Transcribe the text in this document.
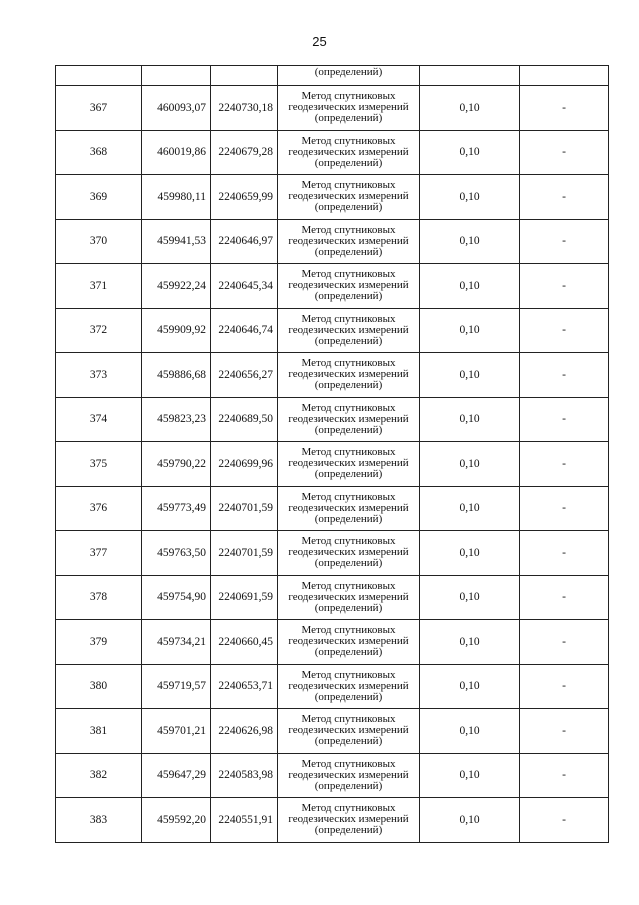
25
			(определений)		
367	460093,07	2240730,18	Метод спутниковых
геодезических измерений
(определений)	0,10	-
368	460019,86	2240679,28	Метод спутниковых
геодезических измерений
(определений)	0,10	-
369	459980,11	2240659,99	Метод спутниковых
геодезических измерений
(определений)	0,10	-
370	459941,53	2240646,97	Метод спутниковых
геодезических измерений
(определений)	0,10	-
371	459922,24	2240645,34	Метод спутниковых
геодезических измерений
(определений)	0,10	-
372	459909,92	2240646,74	Метод спутниковых
геодезических измерений
(определений)	0,10	-
373	459886,68	2240656,27	Метод спутниковых
геодезических измерений
(определений)	0,10	-
374	459823,23	2240689,50	Метод спутниковых
геодезических измерений
(определений)	0,10	-
375	459790,22	2240699,96	Метод спутниковых
геодезических измерений
(определений)	0,10	-
376	459773,49	2240701,59	Метод спутниковых
геодезических измерений
(определений)	0,10	-
377	459763,50	2240701,59	Метод спутниковых
геодезических измерений
(определений)	0,10	-
378	459754,90	2240691,59	Метод спутниковых
геодезических измерений
(определений)	0,10	-
379	459734,21	2240660,45	Метод спутниковых
геодезических измерений
(определений)	0,10	-
380	459719,57	2240653,71	Метод спутниковых
геодезических измерений
(определений)	0,10	-
381	459701,21	2240626,98	Метод спутниковых
геодезических измерений
(определений)	0,10	-
382	459647,29	2240583,98	Метод спутниковых
геодезических измерений
(определений)	0,10	-
383	459592,20	2240551,91	Метод спутниковых
геодезических измерений
(определений)	0,10	-
